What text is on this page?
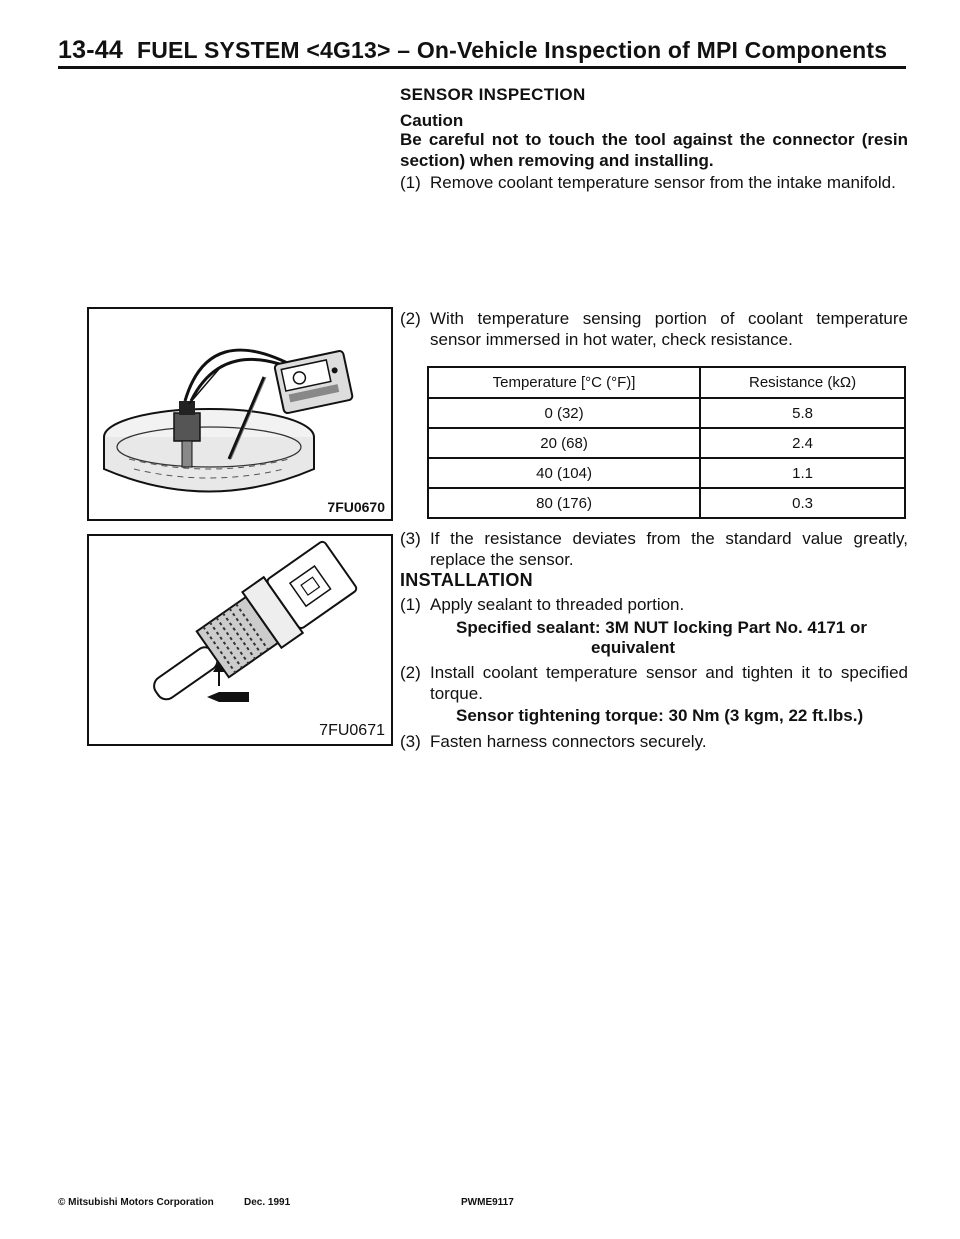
13-44 FUEL SYSTEM <4G13> – On-Vehicle Inspection of MPI Components
7FU0670
7FU0671
SENSOR INSPECTION
Caution
Be careful not to touch the tool against the connector (resin section) when removing and installing.
(1) Remove coolant temperature sensor from the intake manifold.
(2) With temperature sensing portion of coolant temperature sensor immersed in hot water, check resistance.
Temperature [°C (°F)]	Resistance (kΩ)
0 (32)	5.8
20 (68)	2.4
40 (104)	1.1
80 (176)	0.3
(3) If the resistance deviates from the standard value greatly, replace the sensor.
INSTALLATION
(1) Apply sealant to threaded portion.
Specified sealant: 3M NUT locking Part No. 4171 or
equivalent
(2) Install coolant temperature sensor and tighten it to specified torque.
Sensor tightening torque: 30 Nm (3 kgm, 22 ft.lbs.)
(3) Fasten harness connectors securely.
© Mitsubishi Motors Corporation	Dec. 1991	PWME9117
